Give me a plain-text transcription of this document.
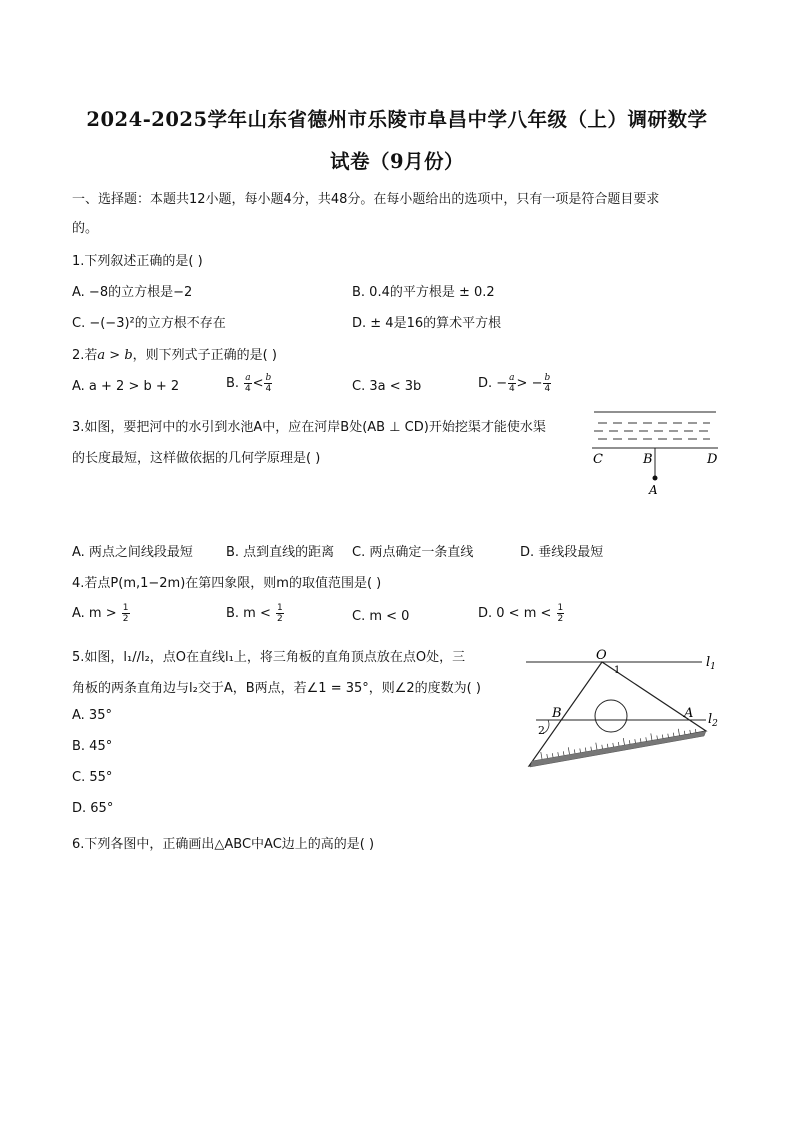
2024-2025学年山东省德州市乐陵市阜昌中学八年级（上）调研数学
试卷（9月份）
一、选择题：本题共12小题，每小题4分，共48分。在每小题给出的选项中，只有一项是符合题目要求
的。
1.下列叙述正确的是( )
A. −8的立方根是−2	B. 0.4的平方根是 ± 0.2
C. −(−3)²的立方根不存在	D. ± 4是16的算术平方根
2.若a > b，则下列式子正确的是( )
A. a + 2 > b + 2	B. $\frac{a}{4} < \frac{b}{4}$	C. 3a < 3b	D. − $\frac{a}{4}$ > − $\frac{b}{4}$
3.如图，要把河中的水引到水池A中，应在河岸B处(AB ⊥ CD)开始挖渠才能使水渠
的长度最短，这样做依据的几何学原理是( )	C	B	D
A
A. 两点之间线段最短	B. 点到直线的距离 C. 两点确定一条直线	D. 垂线段最短
4.若点P(m,1−2m)在第四象限，则m的取值范围是( )
A. $m > \frac{1}{2}$	B. $m < \frac{1}{2}$	C. m < 0	D. $0 < m < \frac{1}{2}$
5.如图，l₁//l₂，点O在直线l₁上，将三角板的直角顶点放在点O处，三
角板的两条直角边与l₂交于A，B两点，若∠1 = 35°，则∠2的度数为( )
A. 35°
B. 45°
C. 55°
D. 65°
O
1
$l_1$
B	A
2
$l_2$
6.下列各图中，正确画出△ABC中AC边上的高的是( )
